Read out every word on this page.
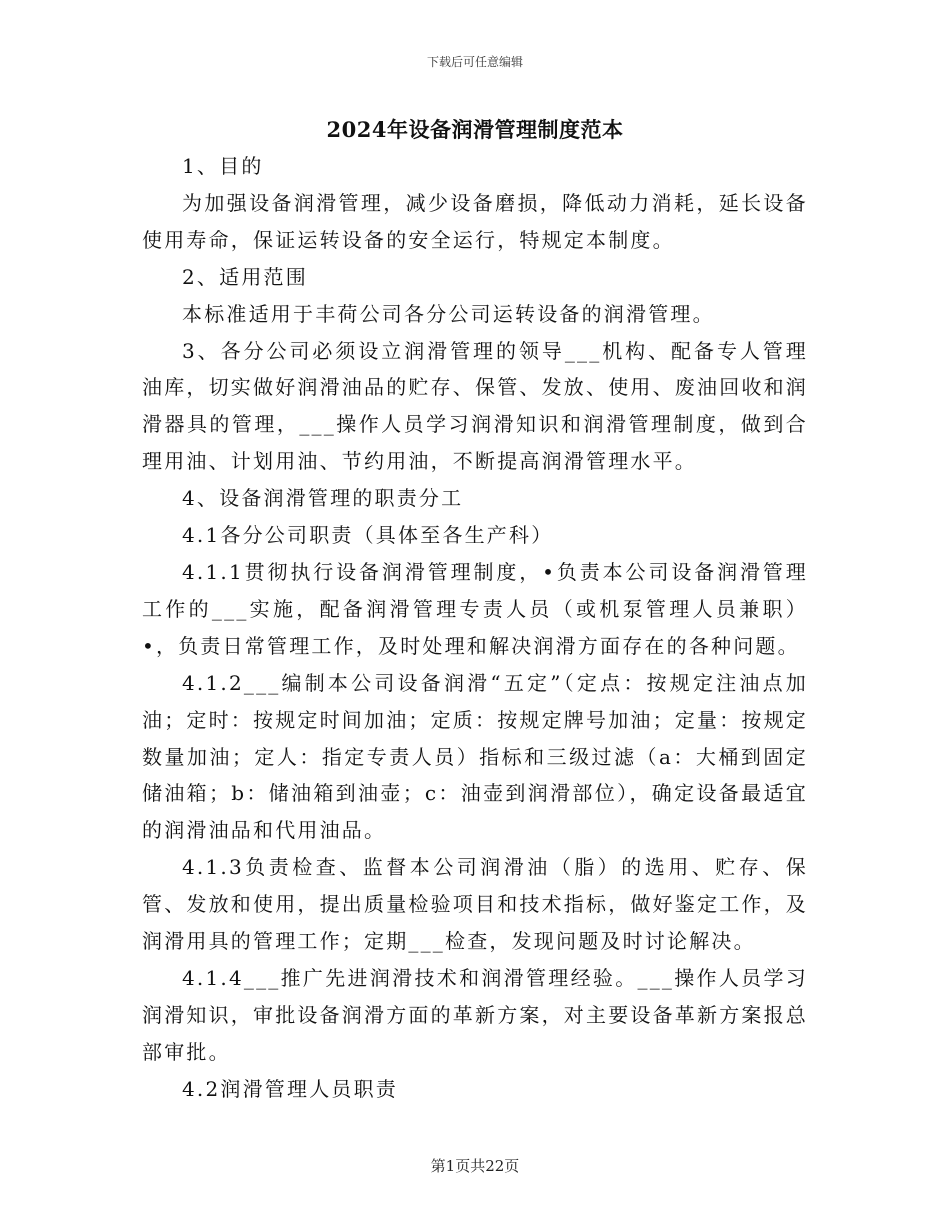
下载后可任意编辑
2024年设备润滑管理制度范本

1、目的

为加强设备润滑管理，减少设备磨损，降低动力消耗，延长设备使用寿命，保证运转设备的安全运行，特规定本制度。

2、适用范围

本标准适用于丰荷公司各分公司运转设备的润滑管理。

3、各分公司必须设立润滑管理的领导___机构、配备专人管理油库，切实做好润滑油品的贮存、保管、发放、使用、废油回收和润滑器具的管理，___操作人员学习润滑知识和润滑管理制度，做到合理用油、计划用油、节约用油，不断提高润滑管理水平。

4、设备润滑管理的职责分工

4.1各分公司职责（具体至各生产科）

4.1.1贯彻执行设备润滑管理制度，•负责本公司设备润滑管理工作的___实施，配备润滑管理专责人员（或机泵管理人员兼职）•，负责日常管理工作，及时处理和解决润滑方面存在的各种问题。

4.1.2___编制本公司设备润滑“五定”（定点：按规定注油点加油；定时：按规定时间加油；定质：按规定牌号加油；定量：按规定数量加油；定人：指定专责人员）指标和三级过滤（a：大桶到固定储油箱；b：储油箱到油壶；c：油壶到润滑部位），确定设备最适宜的润滑油品和代用油品。

4.1.3负责检查、监督本公司润滑油（脂）的选用、贮存、保管、发放和使用，提出质量检验项目和技术指标，做好鉴定工作，及润滑用具的管理工作；定期___检查，发现问题及时讨论解决。

4.1.4___推广先进润滑技术和润滑管理经验。___操作人员学习润滑知识，审批设备润滑方面的革新方案，对主要设备革新方案报总部审批。

4.2润滑管理人员职责

第1页共22页
